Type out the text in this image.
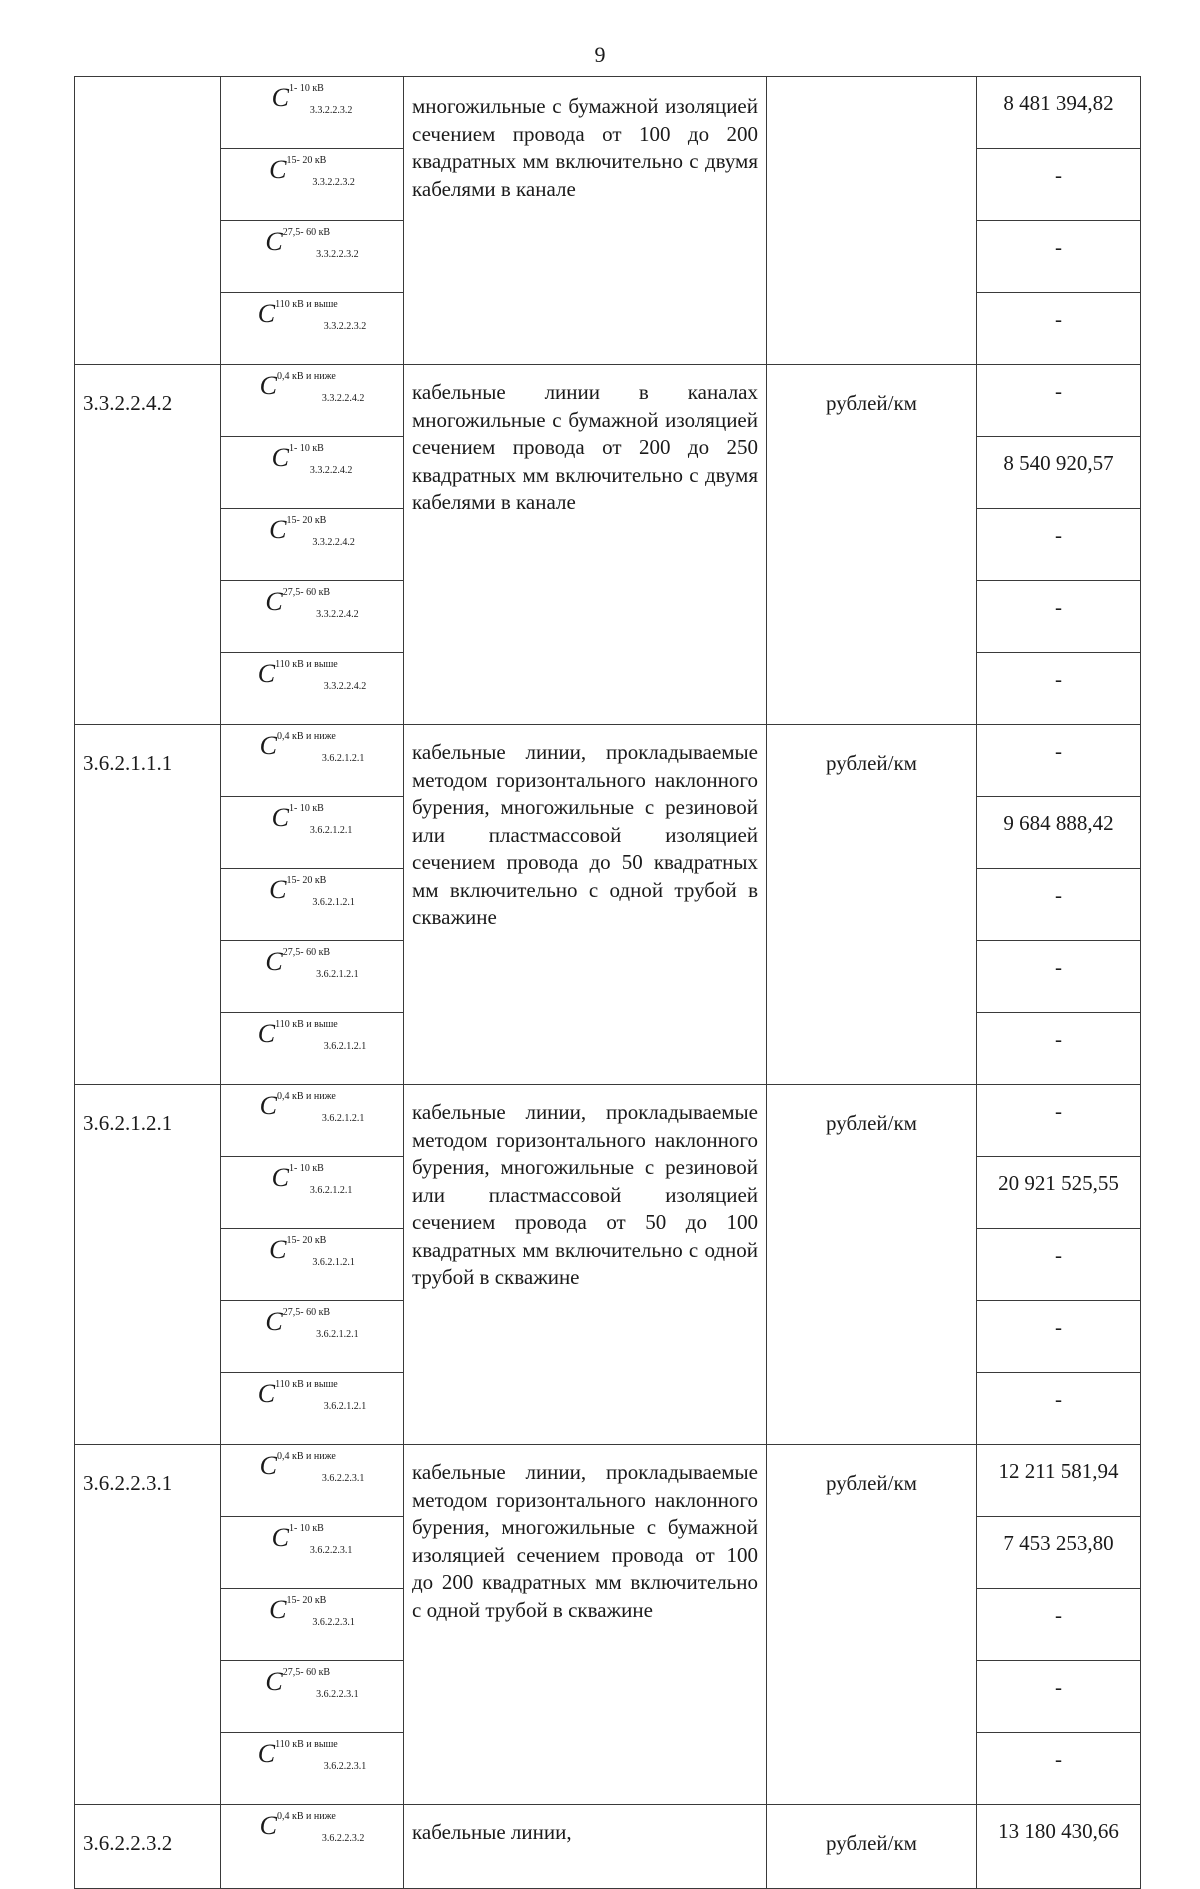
9
	$C^{1- 10 кВ}_{3.3.2.2.3.2}$	многожильные с бумажной изоляцией сечением провода от 100 до 200 квадратных мм включительно с двумя кабелями в канале		8 481 394,82
	$C^{15- 20 кВ}_{3.3.2.2.3.2}$			-
	$C^{27,5- 60 кВ}_{3.3.2.2.3.2}$			-
	$C^{110 кВ и выше}_{3.3.2.2.3.2}$			-
3.3.2.2.4.2	$C^{0,4 кВ и ниже}_{3.3.2.2.4.2}$	кабельные линии в каналах многожильные с бумажной изоляцией сечением провода от 200 до 250 квадратных мм включительно с двумя кабелями в канале	рублей/км	-
	$C^{1- 10 кВ}_{3.3.2.2.4.2}$			8 540 920,57
	$C^{15- 20 кВ}_{3.3.2.2.4.2}$			-
	$C^{27,5- 60 кВ}_{3.3.2.2.4.2}$			-
	$C^{110 кВ и выше}_{3.3.2.2.4.2}$			-
3.6.2.1.1.1	$C^{0,4 кВ и ниже}_{3.6.2.1.2.1}$	кабельные линии, прокладываемые методом горизонтального наклонного бурения, многожильные с резиновой или пластмассовой изоляцией сечением провода до 50 квадратных мм включительно с одной трубой в скважине	рублей/км	-
	$C^{1- 10 кВ}_{3.6.2.1.2.1}$			9 684 888,42
	$C^{15- 20 кВ}_{3.6.2.1.2.1}$			-
	$C^{27,5- 60 кВ}_{3.6.2.1.2.1}$			-
	$C^{110 кВ и выше}_{3.6.2.1.2.1}$			-
3.6.2.1.2.1	$C^{0,4 кВ и ниже}_{3.6.2.1.2.1}$	кабельные линии, прокладываемые методом горизонтального наклонного бурения, многожильные с резиновой или пластмассовой изоляцией сечением провода от 50 до 100 квадратных мм включительно с одной трубой в скважине	рублей/км	-
	$C^{1- 10 кВ}_{3.6.2.1.2.1}$			20 921 525,55
	$C^{15- 20 кВ}_{3.6.2.1.2.1}$			-
	$C^{27,5- 60 кВ}_{3.6.2.1.2.1}$			-
	$C^{110 кВ и выше}_{3.6.2.1.2.1}$			-
3.6.2.2.3.1	$C^{0,4 кВ и ниже}_{3.6.2.2.3.1}$	кабельные линии, прокладываемые методом горизонтального наклонного бурения, многожильные с бумажной изоляцией сечением провода от 100 до 200 квадратных мм включительно с одной трубой в скважине	рублей/км	12 211 581,94
	$C^{1- 10 кВ}_{3.6.2.2.3.1}$			7 453 253,80
	$C^{15- 20 кВ}_{3.6.2.2.3.1}$			-
	$C^{27,5- 60 кВ}_{3.6.2.2.3.1}$			-
	$C^{110 кВ и выше}_{3.6.2.2.3.1}$			-
3.6.2.2.3.2	$C^{0,4 кВ и ниже}_{3.6.2.2.3.2}$	кабельные линии,	рублей/км	13 180 430,66
